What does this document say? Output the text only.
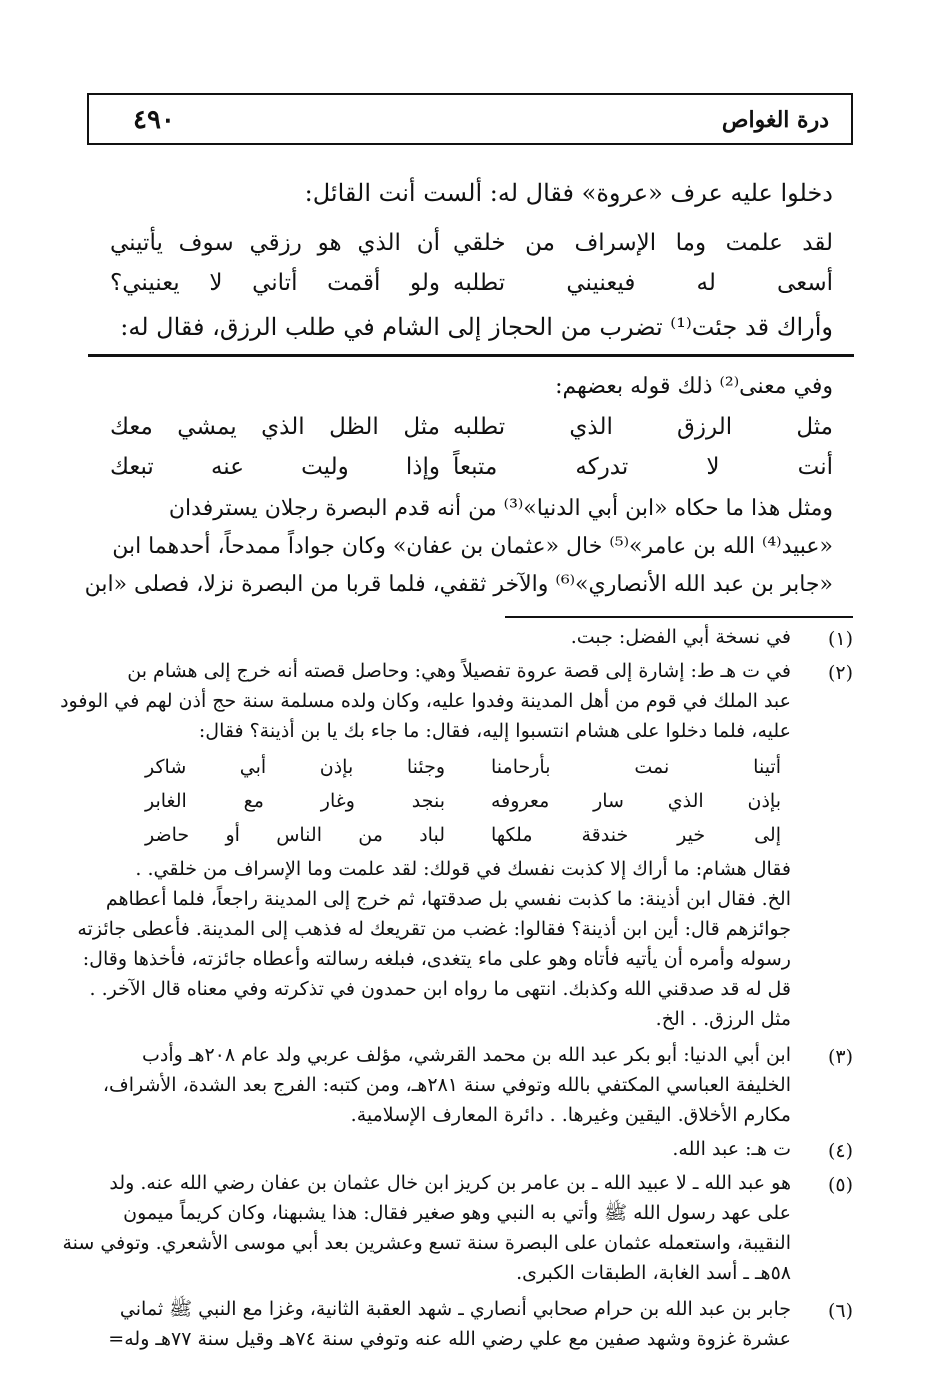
درة الغواص
٤٩٠
دخلوا عليه عرف «عروة» فقال له: ألست أنت القائل:
لقد علمت وما الإسراف من خلقي
أن الذي هو رزقي سوف يأتيني
أسعى له فيعنيني تطلبه
ولو أقمت أتاني لا يعنيني؟
وأراك قد جئت⁽¹⁾ تضرب من الحجاز إلى الشام في طلب الرزق، فقال له:
وفي معنى⁽²⁾ ذلك قوله بعضهم:
مثل الرزق الذي تطلبه
مثل الظل الذي يمشي معك
أنت لا تدركه متبعاً
وإذا وليت عنه تبعك
ومثل هذا ما حكاه «ابن أبي الدنيا»⁽³⁾ من أنه قدم البصرة رجلان يسترفدان
«عبيد⁽⁴⁾ الله بن عامر»⁽⁵⁾ خال «عثمان بن عفان» وكان جواداً ممدحاً، أحدهما ابن
«جابر بن عبد الله الأنصاري»⁽⁶⁾ والآخر ثقفي، فلما قربا من البصرة نزلا، فصلى «ابن
(١)
في نسخة أبي الفضل: جبت.
(٢)
في ت هـ ط: إشارة إلى قصة عروة تفصيلاً وهي: وحاصل قصته أنه خرج إلى هشام بن
عبد الملك في قوم من أهل المدينة وفدوا عليه، وكان ولده مسلمة سنة حج أذن لهم في الوفود
عليه، فلما دخلوا على هشام انتسبوا إليه، فقال: ما جاء بك يا بن أذينة؟ فقال:
أتينا نمت بأرحامنا
وجئنا بإذن أبي شاكر
بإذن الذي سار معروفه
بنجد وغار مع الغابر
إلى خير خندقة ملكها
لباد من الناس أو حاضر
فقال هشام: ما أراك إلا كذبت نفسك في قولك: لقد علمت وما الإسراف من خلقي. .
الخ. فقال ابن أذينة: ما كذبت نفسي بل صدقتها، ثم خرج إلى المدينة راجعاً، فلما أعطاهم
جوائزهم قال: أين ابن أذينة؟ فقالوا: غضب من تقريعك له فذهب إلى المدينة. فأعطى جائزته
رسوله وأمره أن يأتيه فأتاه وهو على ماء يتغدى، فبلغه رسالته وأعطاه جائزته، فأخذها وقال:
قل له قد صدقني الله وكذبك. انتهى ما رواه ابن حمدون في تذكرته وفي معناه قال الآخر. .
مثل الرزق. . الخ.
(٣)
ابن أبي الدنيا: أبو بكر عبد الله بن محمد القرشي، مؤلف عربي ولد عام ٢٠٨هـ وأدب
الخليفة العباسي المكتفي بالله وتوفي سنة ٢٨١هـ، ومن كتبه: الفرج بعد الشدة، الأشراف،
مكارم الأخلاق. اليقين وغيرها. . دائرة المعارف الإسلامية.
(٤)
ت هـ: عبد الله.
(٥)
هو عبد الله ـ لا عبيد الله ـ بن عامر بن كريز ابن خال عثمان بن عفان رضي الله عنه. ولد
على عهد رسول الله ﷺ وأتي به النبي وهو صغير فقال: هذا يشبهنا، وكان كريماً ميمون
النقيبة، واستعمله عثمان على البصرة سنة تسع وعشرين بعد أبي موسى الأشعري. وتوفي سنة
٥٨هـ ـ أسد الغابة، الطبقات الكبرى.
(٦)
جابر بن عبد الله بن حرام صحابي أنصاري ـ شهد العقبة الثانية، وغزا مع النبي ﷺ ثماني
عشرة غزوة وشهد صفين مع علي رضي الله عنه وتوفي سنة ٧٤هـ وقيل سنة ٧٧هـ وله=
